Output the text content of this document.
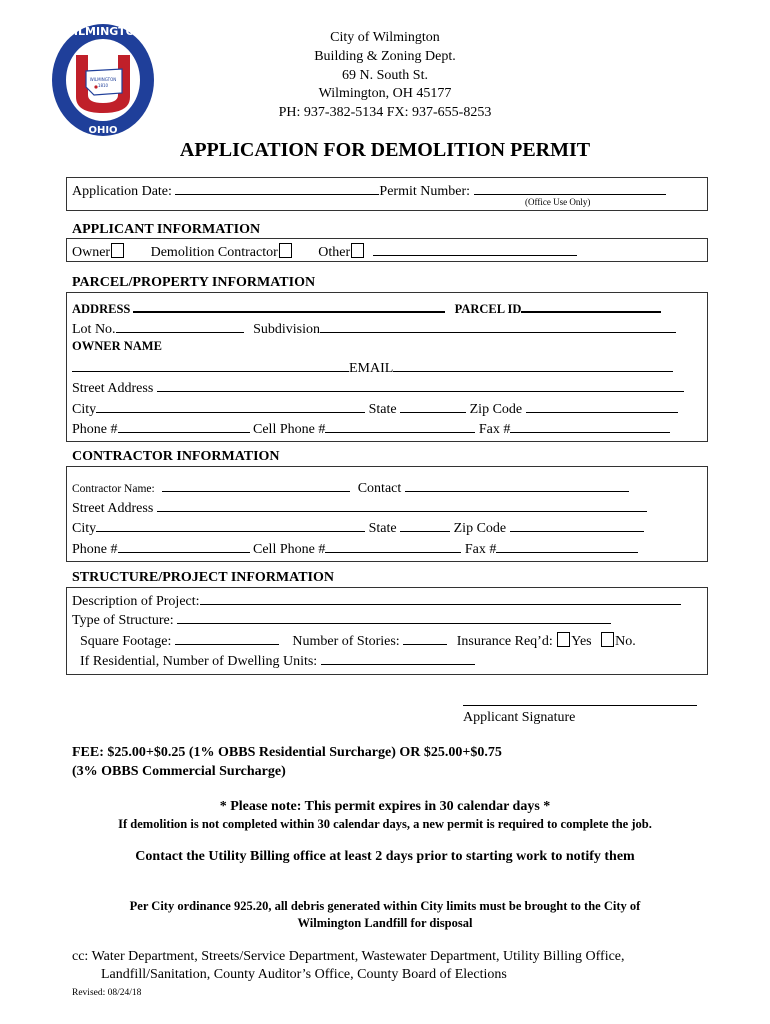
WILMINGTON
1810
WILMINGTON
OHIO
City of Wilmington
Building & Zoning Dept.
69 N. South St.
Wilmington, OH 45177
PH: 937-382-5134 FX: 937-655-8253
APPLICATION FOR DEMOLITION PERMIT
Application Date:	Permit Number:
(Office Use Only)
APPLICANT INFORMATION
Owner	Demolition Contractor	Other
PARCEL/PROPERTY INFORMATION
ADDRESS	PARCEL ID
Lot No.	Subdivision
OWNER NAME
EMAIL
Street Address
City	State	Zip Code
Phone #	Cell Phone #	Fax #
CONTRACTOR INFORMATION
Contractor Name:	Contact
Street Address
City	State	Zip Code
Phone #	Cell Phone #	Fax #
STRUCTURE/PROJECT INFORMATION
Description of Project:
Type of Structure:
Square Footage:	Number of Stories:	Insurance Req’d: Yes No.
If Residential, Number of Dwelling Units:
Applicant Signature
FEE: $25.00+$0.25 (1% OBBS Residential Surcharge) OR $25.00+$0.75
(3% OBBS Commercial Surcharge)
* Please note: This permit expires in 30 calendar days *
If demolition is not completed within 30 calendar days, a new permit is required to complete the job.
Contact the Utility Billing office at least 2 days prior to starting work to notify them
Per City ordinance 925.20, all debris generated within City limits must be brought to the City of
Wilmington Landfill for disposal
cc: Water Department, Streets/Service Department, Wastewater Department, Utility Billing Office,
Landfill/Sanitation, County Auditor’s Office, County Board of Elections
Revised: 08/24/18
